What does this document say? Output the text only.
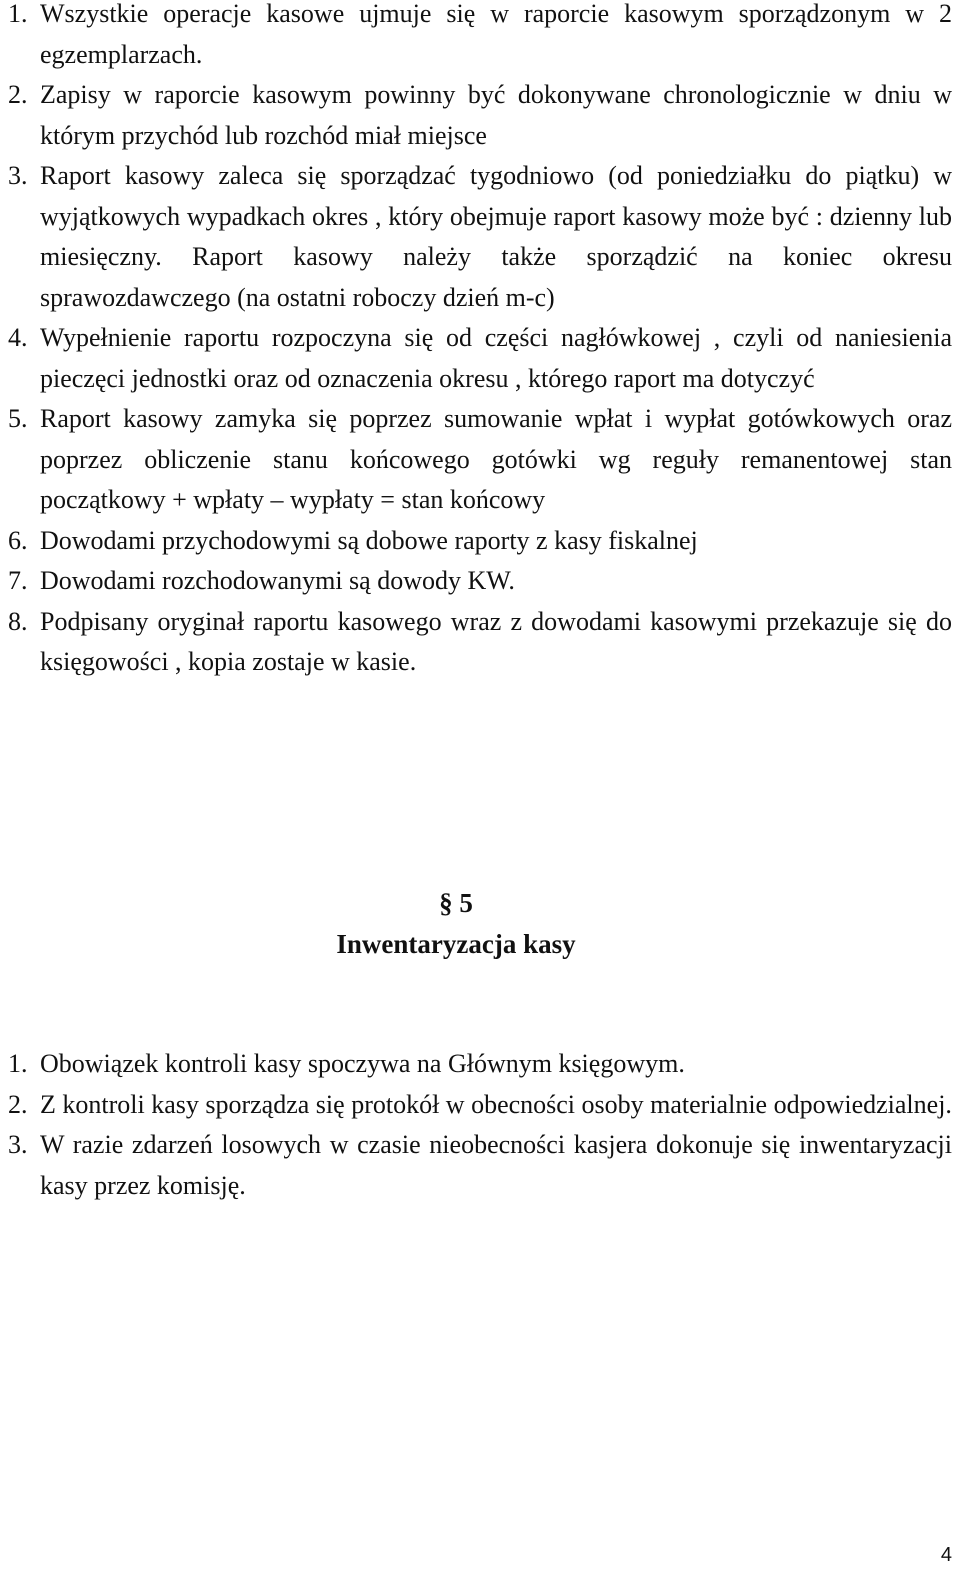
1. Wszystkie operacje kasowe ujmuje się w raporcie kasowym sporządzonym w 2 egzemplarzach.
2. Zapisy w raporcie kasowym powinny być dokonywane chronologicznie w dniu w którym przychód lub rozchód miał miejsce
3. Raport kasowy zaleca się sporządzać tygodniowo (od poniedziałku do piątku) w wyjątkowych wypadkach okres , który obejmuje raport kasowy może być : dzienny lub miesięczny. Raport kasowy należy także sporządzić na koniec okresu sprawozdawczego (na ostatni roboczy dzień m-c)
4. Wypełnienie raportu rozpoczyna się od części nagłówkowej , czyli od naniesienia pieczęci jednostki oraz od oznaczenia okresu , którego raport ma dotyczyć
5. Raport kasowy zamyka się poprzez sumowanie wpłat i wypłat gotówkowych oraz poprzez obliczenie stanu końcowego gotówki wg reguły remanentowej stan początkowy + wpłaty – wypłaty = stan końcowy
6. Dowodami przychodowymi są dobowe raporty z kasy fiskalnej
7. Dowodami rozchodowanymi są dowody KW.
8. Podpisany oryginał raportu kasowego wraz z dowodami kasowymi przekazuje się do księgowości , kopia zostaje w kasie.
§ 5
Inwentaryzacja kasy
1. Obowiązek kontroli kasy spoczywa na Głównym księgowym.
2. Z kontroli kasy sporządza się protokół w obecności osoby materialnie odpowiedzialnej.
3. W razie zdarzeń losowych w czasie nieobecności kasjera dokonuje się inwentaryzacji kasy przez komisję.
4
